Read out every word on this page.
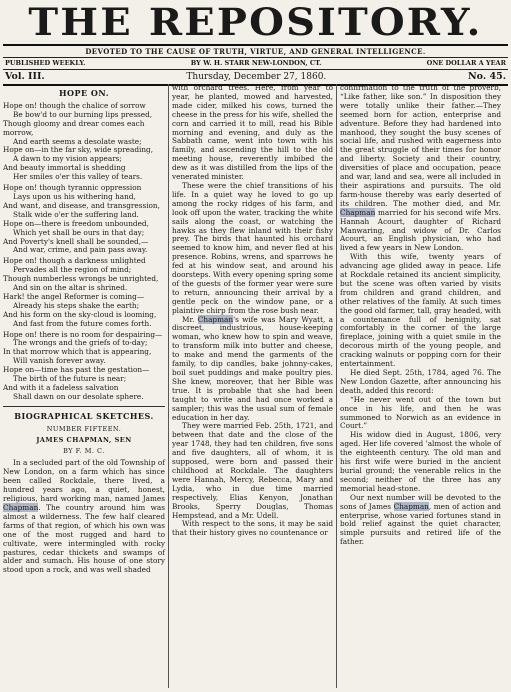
THE REPOSITORY.
DEVOTED TO THE CAUSE OF TRUTH, VIRTUE, AND GENERAL INTELLIGENCE.
PUBLISHED WEEKLY.	BY W. H. STARR NEW-LONDON, CT.	ONE DOLLAR A YEAR
Vol. III.	Thursday, December 27, 1860.	No. 45.
HOPE ON.
Hope on! though the chalice of sorrow
Be bow'd to our burning lips pressed,
Though gloomy and drear comes each morrow,
And earth seems a desolate waste;
Hope on—in the far sky, wide spreading,
A dawn to my vision appears;
And beauty immortal is shedding
Her smiles o'er this valley of tears.
Hope on! though tyrannic oppression
Lays upon us his withering hand,
And want, and disease, and transgression,
Stalk wide o'er the suffering land.
Hope on—there is freedom unbounded,
Which yet shall be ours in that day;
And Poverty's knell shall be sounded,—
And war, crime, and pain pass away.
Hope on! though a darkness unlighted
Pervades all the region of mind;
Though numberless wrongs be unrighted,
And sin on the altar is shrined.
Hark! the angel Reformer is coming—
Already his steps shake the earth;
And his form on the sky-cloud is looming,
And fast from the future comes forth.
Hope on! there is no room for despairing—
The wrongs and the griefs of to-day;
In that morrow which that is appearing,
Will vanish forever away.
Hope on—time has past the gestation—
The birth of the future is near;
And with it a fadeless salvation
Shall dawn on our desolate sphere.
BIOGRAPHICAL SKETCHES.
NUMBER FIFTEEN.
JAMES CHAPMAN, SEN
BY F. M. C.

In a secluded part of the old Township of New London, on a farm which has since been called Rockdale, there lived, a hundred years ago, a quiet, honest, religious, hard working man, named James Chapman. The country around him was almost a wilderness. The few half cleared farms of that region, of which his own was one of the most rugged and hard to cultivate, were intermingled with rocky pastures, cedar thickets and swamps of alder and sumach. His house of one story stood upon a rock, and was well shaded

with orchard trees. Here, from year to year, he planted, mowed and harvested, made cider, milked his cows, turned the cheese in the press for his wife, shelled the corn and carried it to mill, read his Bible morning and evening, and duly as the Sabbath came, went into town with his family, and ascending the hill to the old meeting house, reverently imbibed the dew as it was distilled from the lips of the venerated minister.

These were the chief transitions of his life. In a quiet way he loved to go up among the rocky ridges of his farm, and look off upon the water, tracking the white sails along the coast, or watching the hawks as they flew inland with their fishy prey. The birds that haunted his orchard seemed to know him, and never fled at his presence. Robins, wrens, and sparrows he fed at his window seat, and around his doorsteps. With every opening spring some of the guests of the former year were sure to return, announcing their arrival by a gentle peck on the window pane, or a plaintive chirp from the rose bush near.

Mr. Chapman's wife was Mary Wyatt, a discreet, industrious, house-keeping woman, who knew how to spin and weave, to transform milk into butter and cheese, to make and mend the garments of the family, to dip candles, bake johnny-cakes, boil suet puddings and make poultry pies. She knew, moreover, that her Bible was true. It is probable that she had been taught to write and had once worked a sampler; this was the usual sum of female education in her day.

They were married Feb. 25th, 1721, and between that date and the close of the year 1748, they had ten children, five sons and five daughters, all of whom, it is supposed, were born and passed their childhood at Rockdale. The daughters were Hannah, Mercy, Rebecca, Mary and Lydia, who in due time married respectively, Elias Kenyon, Jonathan Brooks, Sperry Douglas, Thomas Hempstead, and a Mr. Udell.

With respect to the sons, it may be said that their history gives no countenance or

confirmation to the truth of the proverb, “Like father, like son.” In disposition they were totally unlike their father.—They seemed born for action, enterprise and adventure. Before they had hardened into manhood, they sought the busy scenes of social life, and rushed with eagerness into the great struggle of their times for honor and liberty. Society and their country, diversities of place and occupation, peace and war, land and sea, were all included in their aspirations and pursuits. The old farm-house thereby was early deserted of its children. The mother died, and Mr. Chapman married for his second wife Mrs. Hannah Acourt, daughter of Richard Manwaring, and widow of Dr. Carlos Acourt, an English physician, who had lived a few years in New London.

With this wife, twenty years of advancing age glided away in peace. Life at Rockdale retained its ancient simplicity, but the scene was often varied by visits from children and grand children, and other relatives of the family. At such times the good old farmer, tall, gray headed, with a countenance full of benignity, sat comfortably in the corner of the large fireplace, joining with a quiet smile in the decorous mirth of the young people, and cracking walnuts or popping corn for their entertainment.

He died Sept. 25th, 1784, aged 76. The New London Gazette, after announcing his death, added this record:

“He never went out of the town but once in his life, and then he was summoned to Norwich as an evidence in Court.”

His widow died in August, 1806, very aged. Her life covered 'almost the whole of the eighteenth century. The old man and his first wife were buried in the ancient burial ground; the venerable relics in the second; neither of the three has any memorial head-stone.

Our next number will be devoted to the sons of James Chapman, men of action and enterprise, whose varied fortunes stand in bold relief against the quiet character, simple pursuits and retired life of the father.
